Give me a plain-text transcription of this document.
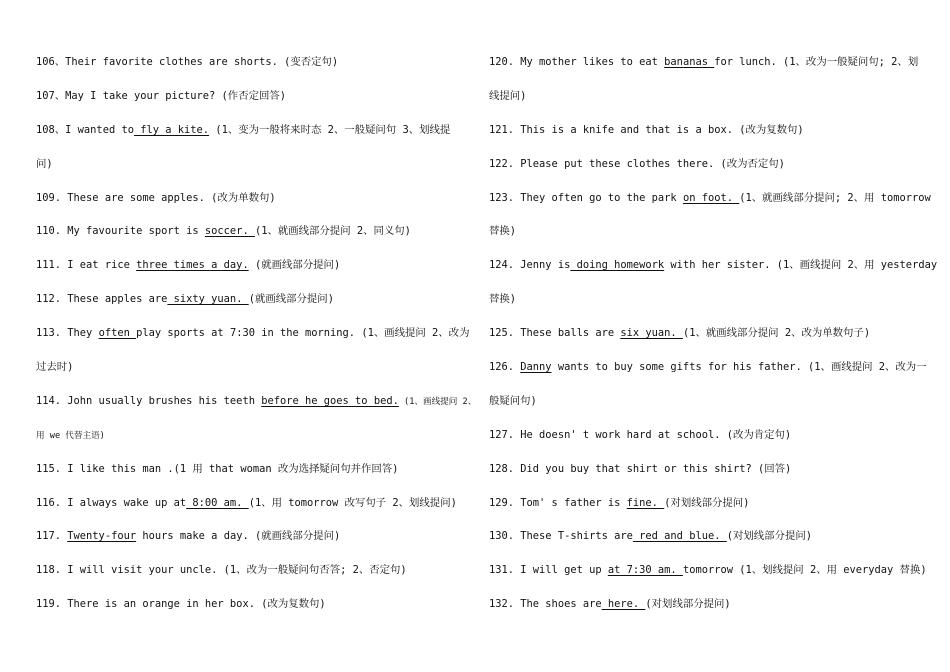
106、Their favorite clothes are shorts. (变否定句)
107、May I take your picture? (作否定回答)
108、I wanted to fly a kite. (1、变为一般将来时态 2、一般疑问句 3、划线提
问)
109. These are some apples. (改为单数句)
110. My favourite sport is soccer. (1、就画线部分提问 2、同义句)
111. I eat rice three times a day. (就画线部分提问)
112. These apples are sixty yuan. (就画线部分提问)
113. They often play sports at 7:30 in the morning. (1、画线提问 2、改为
过去时)
114. John usually brushes his teeth before he goes to bed. (1、画线提问 2、
用 we 代替主语)
115. I like this man .(1 用 that woman 改为选择疑问句并作回答)
116. I always wake up at 8:00 am. (1、用 tomorrow 改写句子 2、划线提问)
117. Twenty-four hours make a day. (就画线部分提问)
118. I will visit your uncle. (1、改为一般疑问句否答; 2、否定句)
119. There is an orange in her box. (改为复数句)
120. My mother likes to eat bananas for lunch. (1、改为一般疑问句; 2、划
线提问)
121. This is a knife and that is a box. (改为复数句)
122. Please put these clothes there. (改为否定句)
123. They often go to the park on foot. (1、就画线部分提问; 2、用 tomorrow
替换)
124. Jenny is doing homework with her sister. (1、画线提问 2、用 yesterday
替换)
125. These balls are six yuan. (1、就画线部分提问 2、改为单数句子)
126. Danny wants to buy some gifts for his father. (1、画线提问 2、改为一
般疑问句)
127. He doesn' t work hard at school. (改为肯定句)
128. Did you buy that shirt or this shirt? (回答)
129. Tom' s father is fine. (对划线部分提问)
130. These T-shirts are red and blue. (对划线部分提问)
131. I will get up at 7:30 am. tomorrow (1、划线提问 2、用 everyday 替换)
132. The shoes are here. (对划线部分提问)
